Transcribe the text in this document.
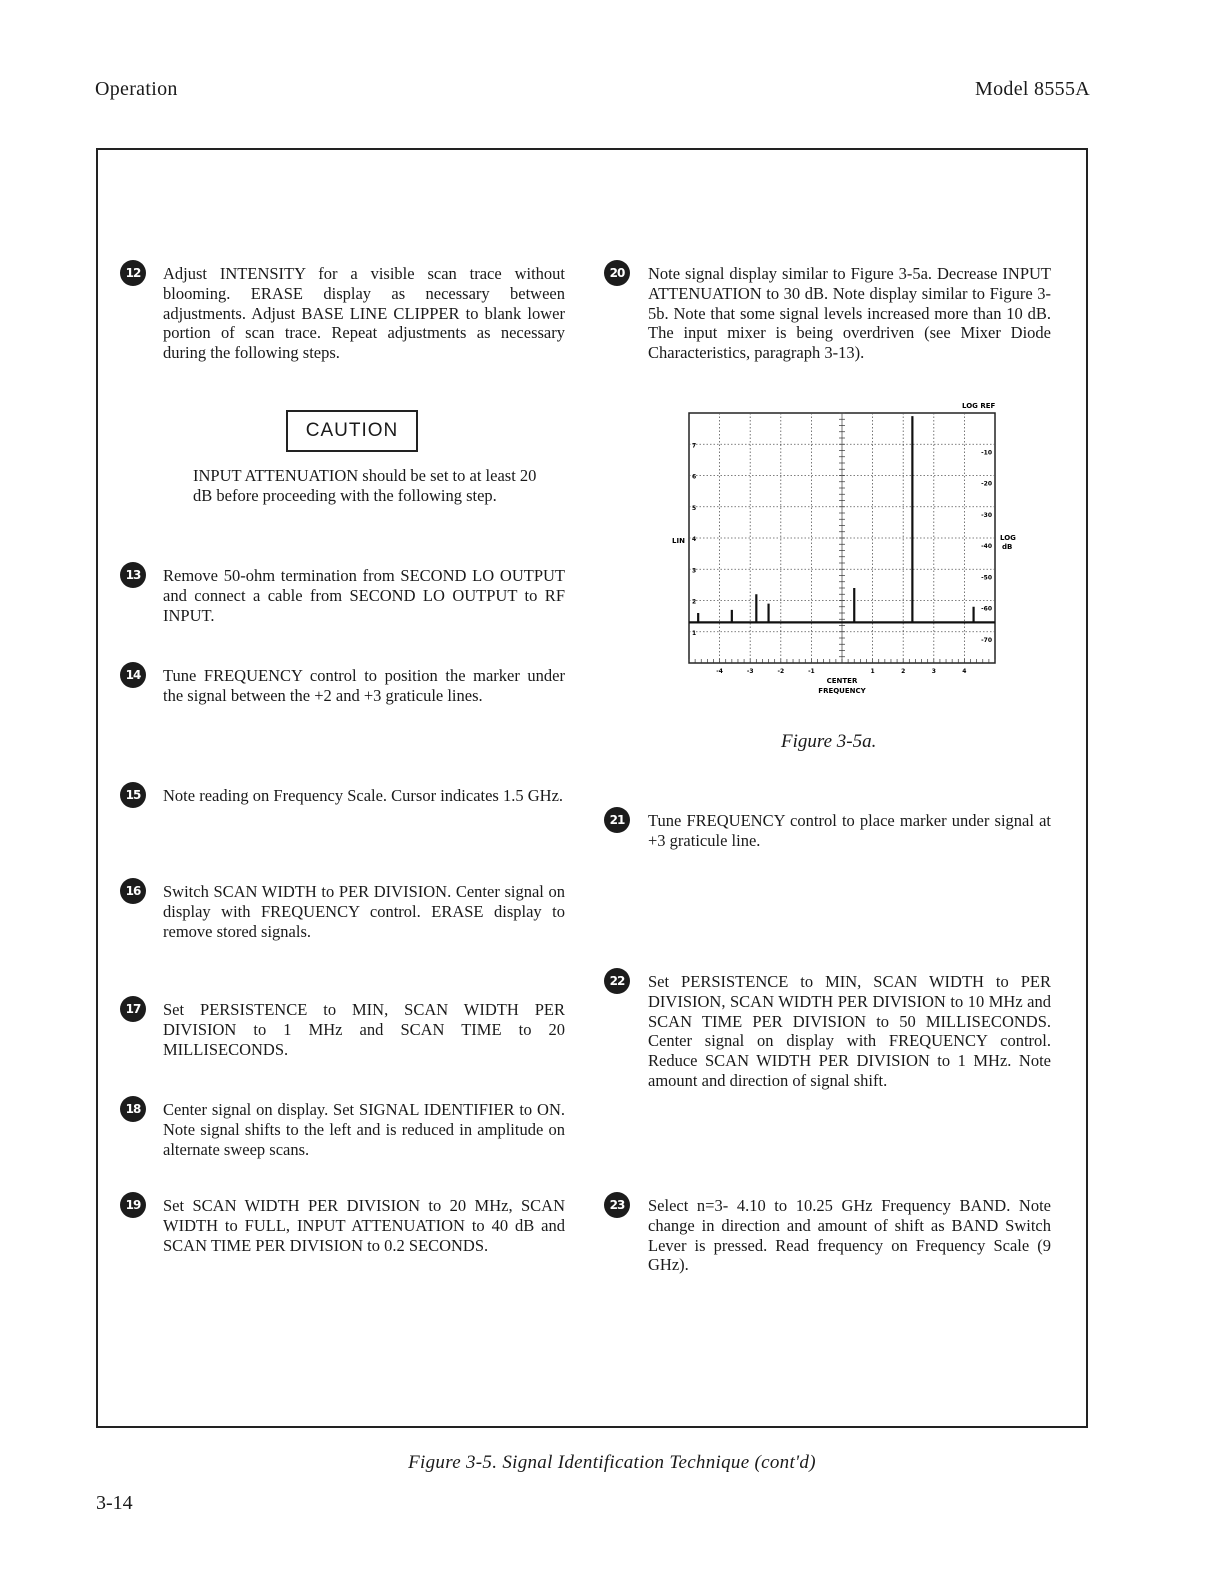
Operation	Model 8555A
12	Adjust INTENSITY for a visible scan trace without blooming. ERASE display as necessary between adjustments. Adjust BASE LINE CLIPPER to blank lower portion of scan trace. Repeat adjustments as necessary during the following steps.
CAUTION
INPUT ATTENUATION should be set to at least 20 dB before proceeding with the following step.
13	Remove 50-ohm termination from SECOND LO OUTPUT and connect a cable from SECOND LO OUTPUT to RF INPUT.
14	Tune FREQUENCY control to position the marker under the signal between the +2 and +3 graticule lines.
15	Note reading on Frequency Scale. Cursor indicates 1.5 GHz.
16	Switch SCAN WIDTH to PER DIVISION. Center signal on display with FREQUENCY control. ERASE display to remove stored signals.
17	Set PERSISTENCE to MIN, SCAN WIDTH PER DIVISION to 1 MHz and SCAN TIME to 20 MILLISECONDS.
18	Center signal on display. Set SIGNAL IDENTIFIER to ON. Note signal shifts to the left and is reduced in amplitude on alternate sweep scans.
19	Set SCAN WIDTH PER DIVISION to 20 MHz, SCAN WIDTH to FULL, INPUT ATTENUATION to 40 dB and SCAN TIME PER DIVISION to 0.2 SECONDS.
20	Note signal display similar to Figure 3-5a. Decrease INPUT ATTENUATION to 30 dB. Note display similar to Figure 3-5b. Note that some signal levels increased more than 10 dB. The input mixer is being overdriven (see Mixer Diode Characteristics, paragraph 3-13).
LOG REF
LIN	LOG
dB
CENTER
FREQUENCY
7
6
5
4
3
2
1
-10
-20
-30
-40
-50
-60
-70
-4	-3	-2	-1	1	2	3	4
Figure 3-5a.
21	Tune FREQUENCY control to place marker under signal at +3 graticule line.
22	Set PERSISTENCE to MIN, SCAN WIDTH to PER DIVISION, SCAN WIDTH PER DIVISION to 10 MHz and SCAN TIME PER DIVISION to 50 MILLISECONDS. Center signal on display with FREQUENCY control. Reduce SCAN WIDTH PER DIVISION to 1 MHz. Note amount and direction of signal shift.
23	Select n=3- 4.10 to 10.25 GHz Frequency BAND. Note change in direction and amount of shift as BAND Switch Lever is pressed. Read frequency on Frequency Scale (9 GHz).
Figure 3-5. Signal Identification Technique (cont'd)
3-14
